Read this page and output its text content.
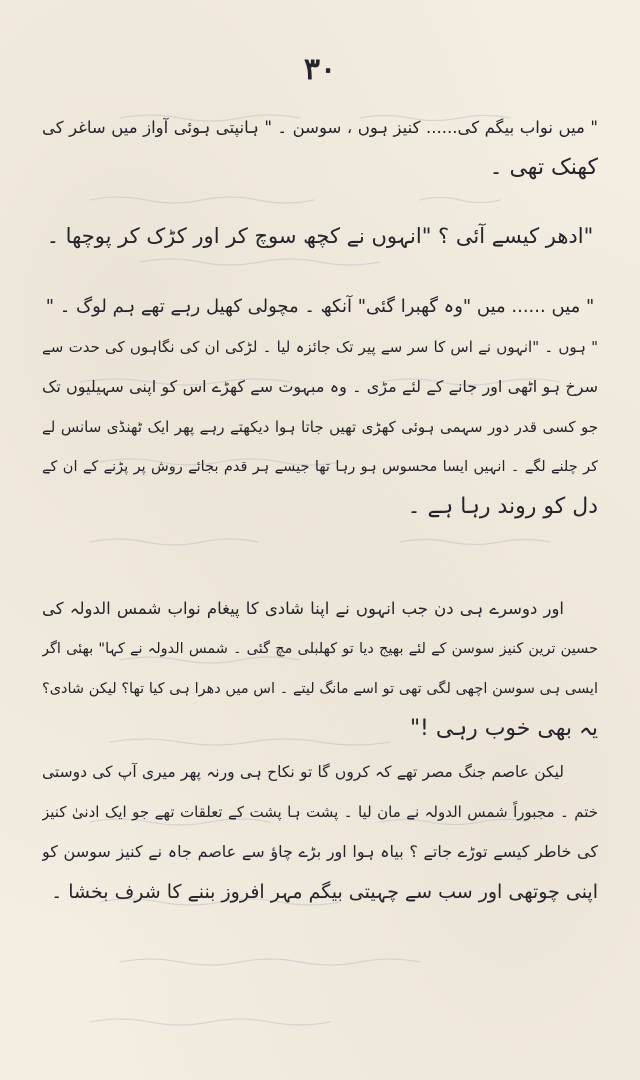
۳۰
" میں نواب بیگم کی...... کنیز ہوں ، سوسن ۔ " ہانپتی ہوئی آواز میں ساغر کی
کھنک تھی ۔
"ادھر کیسے آئی ؟ "انہوں نے کچھ سوچ کر اور کڑک کر پوچھا ۔
" میں ...... میں "وہ گھبرا گئی" آنکھ ۔ مچولی کھیل رہے تھے ہم لوگ ۔ "
" ہوں ۔ "انہوں نے اس کا سر سے پیر تک جائزہ لیا ۔ لڑکی ان کی نگاہوں کی حدت سے
سرخ ہو اٹھی اور جانے کے لئے مڑی ۔ وہ مبہوت سے کھڑے اس کو اپنی سہیلیوں تک
جو کسی قدر دور سہمی ہوئی کھڑی تھیں جاتا ہوا دیکھتے رہے پھر ایک ٹھنڈی سانس لے
کر چلنے لگے ۔ انہیں ایسا محسوس ہو رہا تھا جیسے ہر قدم بجائے روش پر پڑنے کے ان کے
دل کو روند رہا ہے ۔
اور دوسرے ہی دن جب انہوں نے اپنا شادی کا پیغام نواب شمس الدولہ کی
حسین ترین کنیز سوسن کے لئے بھیج دیا تو کھلبلی مچ گئی ۔ شمس الدولہ نے کہا" بھئی اگر
ایسی ہی سوسن اچھی لگی تھی تو اسے مانگ لیتے ۔ اس میں دھرا ہی کیا تھا؟ لیکن شادی؟
یہ بھی خوب رہی !"
لیکن عاصم جنگ مصر تھے کہ کروں گا تو نکاح ہی ورنہ پھر میری آپ کی دوستی
ختم ۔ مجبوراً شمس الدولہ نے مان لیا ۔ پشت ہا پشت کے تعلقات تھے جو ایک ادنیٰ کنیز
کی خاطر کیسے توڑے جاتے ؟ بیاہ ہوا اور بڑے چاؤ سے عاصم جاہ نے کنیز سوسن کو
اپنی چوتھی اور سب سے چہیتی بیگم مہر افروز بننے کا شرف بخشا ۔
